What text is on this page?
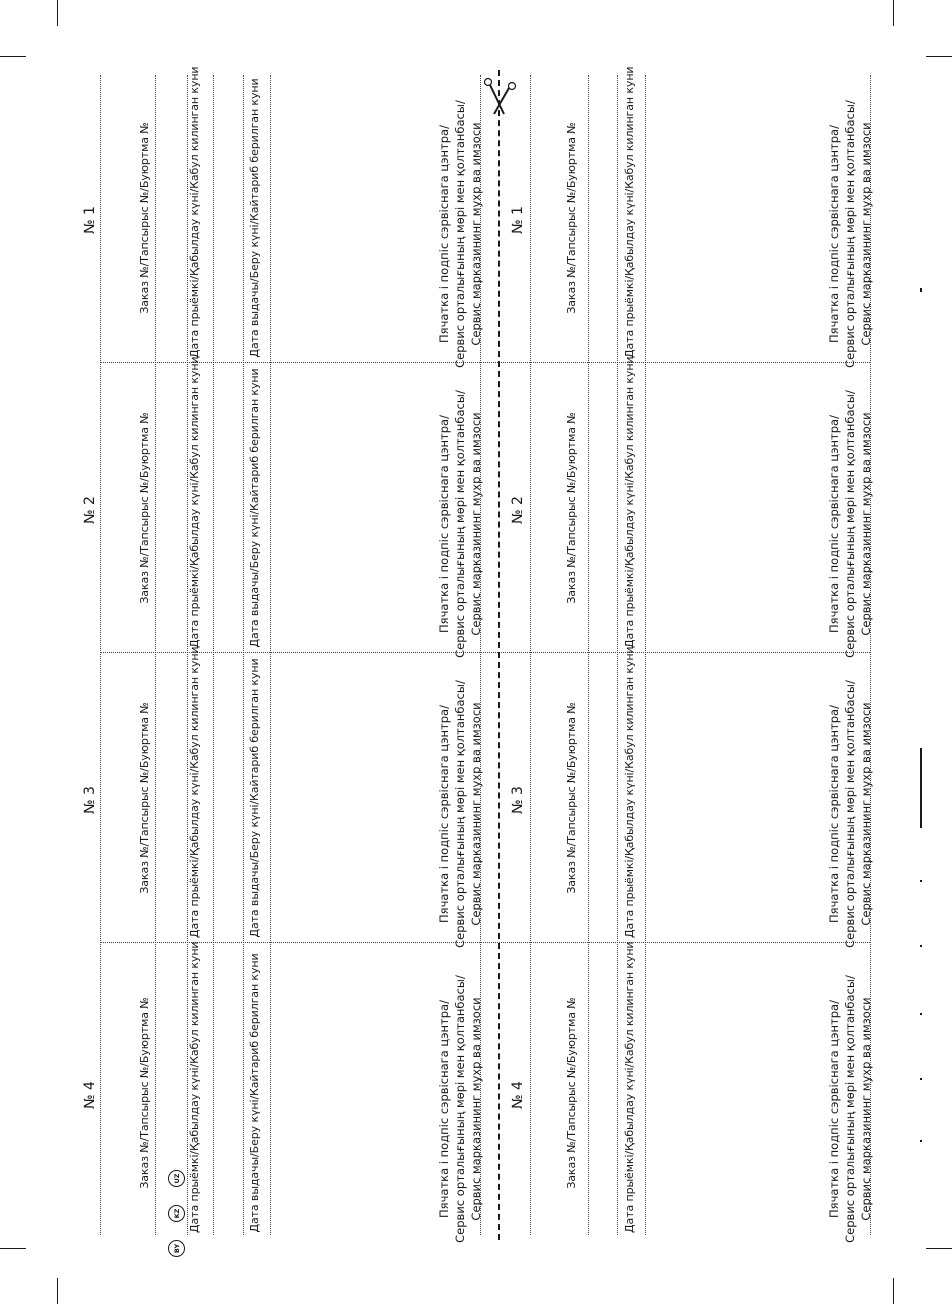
№ 1	Заказ №/Тапсырыс №/Буюртма №	Дата прыёмкі/Қабылдау күні/Кабул килинган куни	Дата выдачы/Беру күні/Кайтариб берилган куни	Пячатка і подпіс сэрвіснага цэнтра/ Сервис орталығының мөрі мен қолтанбасы/ Сервис марказининг мухр ва имзоси № 1	Заказ №/Тапсырыс №/Буюртма №	Дата прыёмкі/Қабылдау күні/Кабул килинган куни	Пячатка і подпіс сэрвіснага цэнтра/ Сервис орталығының мөрі мен қолтанбасы/ Сервис марказининг мухр ва имзоси
№ 2	Заказ №/Тапсырыс №/Буюртма №	Дата прыёмкі/Қабылдау күні/Кабул килинган куни	Дата выдачы/Беру күні/Кайтариб берилган куни	Пячатка і подпіс сэрвіснага цэнтра/ Сервис орталығының мөрі мен қолтанбасы/ Сервис марказининг мухр ва имзоси № 2	Заказ №/Тапсырыс №/Буюртма №	Дата прыёмкі/Қабылдау күні/Кабул килинган куни	Пячатка і подпіс сэрвіснага цэнтра/ Сервис орталығының мөрі мен қолтанбасы/ Сервис марказининг мухр ва имзоси
№ 3	Заказ №/Тапсырыс №/Буюртма №	Дата прыёмкі/Қабылдау күні/Кабул килинган куни	Дата выдачы/Беру күні/Кайтариб берилган куни	Пячатка і подпіс сэрвіснага цэнтра/ Сервис орталығының мөрі мен қолтанбасы/ Сервис марказининг мухр ва имзоси № 3	Заказ №/Тапсырыс №/Буюртма №	Дата прыёмкі/Қабылдау күні/Кабул килинган куни	Пячатка і подпіс сэрвіснага цэнтра/ Сервис орталығының мөрі мен қолтанбасы/ Сервис марказининг мухр ва имзоси
№ 4	Заказ №/Тапсырыс №/Буюртма №	Дата прыёмкі/Қабылдау күні/Кабул килинган куни	Дата выдачы/Беру күні/Кайтариб берилган куни	Пячатка і подпіс сэрвіснага цэнтра/ Сервис орталығының мөрі мен қолтанбасы/ Сервис марказининг мухр ва имзоси № 4	Заказ №/Тапсырыс №/Буюртма №	Дата прыёмкі/Қабылдау күні/Кабул килинган куни	Пячатка і подпіс сэрвіснага цэнтра/ Сервис орталығының мөрі мен қолтанбасы/ Сервис марказининг мухр ва имзоси
BY
KZ
UZ
